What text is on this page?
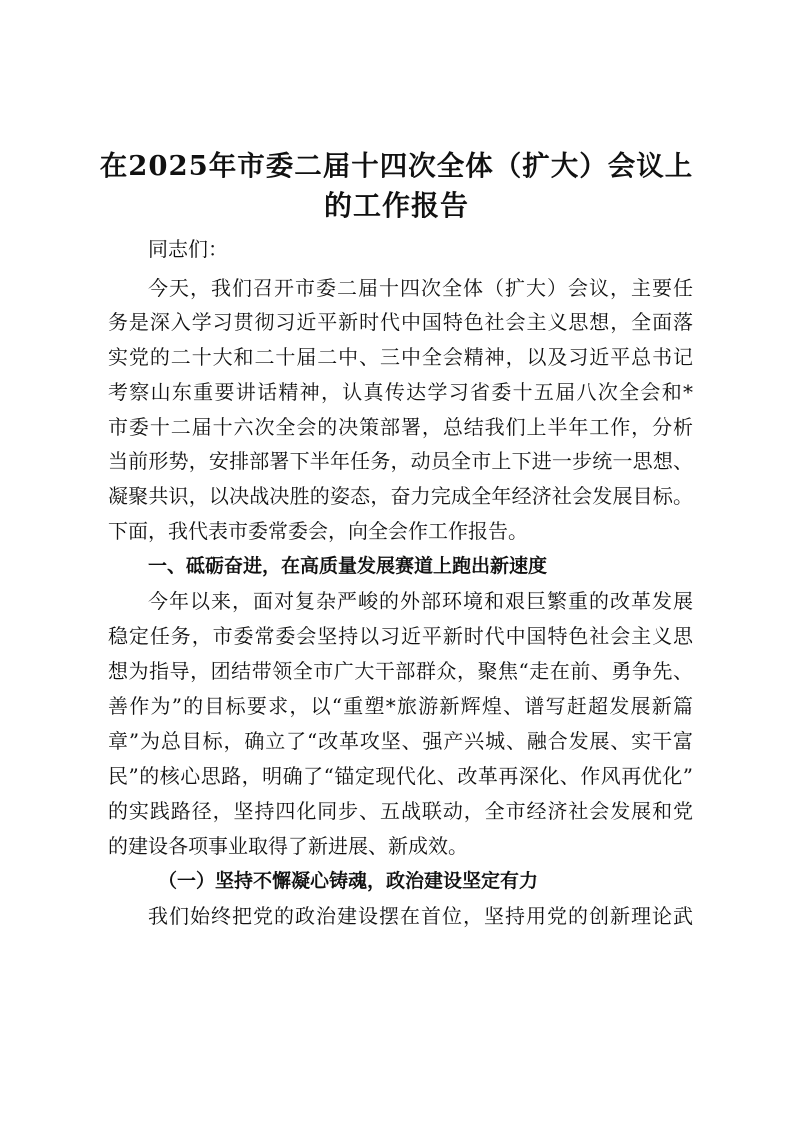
在2025年市委二届十四次全体（扩大）会议上
的工作报告

同志们：

今天，我们召开市委二届十四次全体（扩大）会议，主要任

务是深入学习贯彻习近平新时代中国特色社会主义思想，全面落

实党的二十大和二十届二中、三中全会精神，以及习近平总书记

考察山东重要讲话精神，认真传达学习省委十五届八次全会和*

市委十二届十六次全会的决策部署，总结我们上半年工作，分析

当前形势，安排部署下半年任务，动员全市上下进一步统一思想、

凝聚共识，以决战决胜的姿态，奋力完成全年经济社会发展目标。

下面，我代表市委常委会，向全会作工作报告。

一、砥砺奋进，在高质量发展赛道上跑出新速度

今年以来，面对复杂严峻的外部环境和艰巨繁重的改革发展

稳定任务，市委常委会坚持以习近平新时代中国特色社会主义思

想为指导，团结带领全市广大干部群众，聚焦“走在前、勇争先、

善作为”的目标要求，以“重塑*旅游新辉煌、谱写赶超发展新篇

章”为总目标，确立了“改革攻坚、强产兴城、融合发展、实干富

民”的核心思路，明确了“锚定现代化、改革再深化、作风再优化”

的实践路径，坚持四化同步、五战联动，全市经济社会发展和党

的建设各项事业取得了新进展、新成效。

（一）坚持不懈凝心铸魂，政治建设坚定有力

我们始终把党的政治建设摆在首位，坚持用党的创新理论武
